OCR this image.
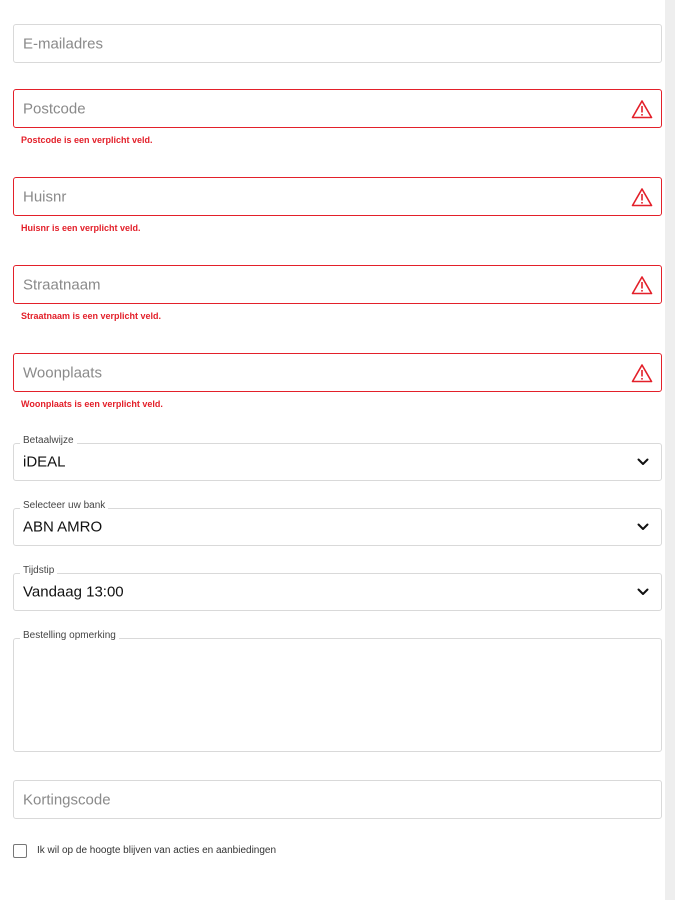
E-mailadres
Postcode
Postcode is een verplicht veld.
Huisnr
Huisnr is een verplicht veld.
Straatnaam
Straatnaam is een verplicht veld.
Woonplaats
Woonplaats is een verplicht veld.
Betaalwijze
iDEAL
Selecteer uw bank
ABN AMRO
Tijdstip
Vandaag 13:00
Bestelling opmerking
Kortingscode
Ik wil op de hoogte blijven van acties en aanbiedingen
